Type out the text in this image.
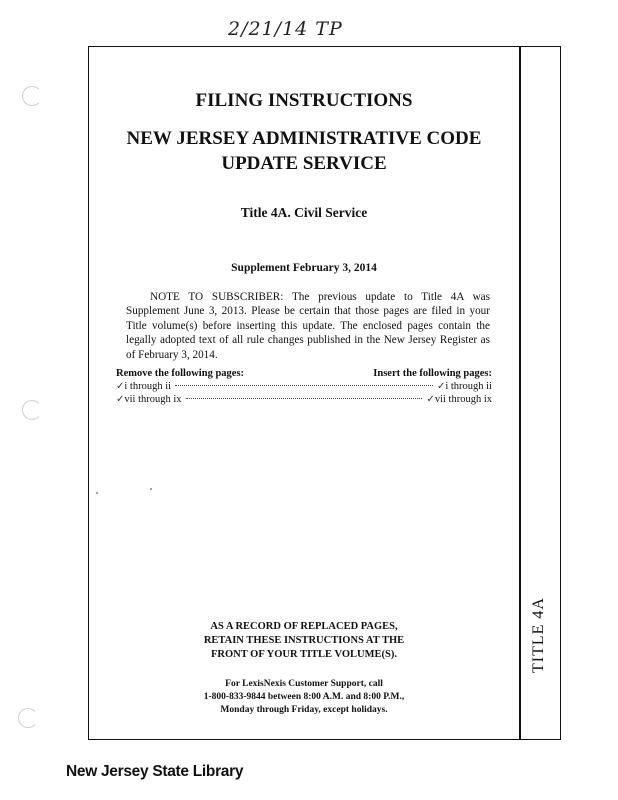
2/21/14 TP
TITLE 4A
FILING INSTRUCTIONS
NEW JERSEY ADMINISTRATIVE CODE
UPDATE SERVICE
Title 4A. Civil Service
Supplement February 3, 2014
NOTE TO SUBSCRIBER: The previous update to Title 4A was Supplement June 3, 2013. Please be certain that those pages are filed in your Title volume(s) before inserting this update. The enclosed pages contain the legally adopted text of all rule changes published in the New Jersey Register as of February 3, 2014.
Remove the following pages:	Insert the following pages:
✓ i through ii	✓ i through ii
✓ vii through ix	✓ vii through ix
AS A RECORD OF REPLACED PAGES,
RETAIN THESE INSTRUCTIONS AT THE
FRONT OF YOUR TITLE VOLUME(S).
For LexisNexis Customer Support, call
1-800-833-9844 between 8:00 A.M. and 8:00 P.M.,
Monday through Friday, except holidays.
New Jersey State Library
